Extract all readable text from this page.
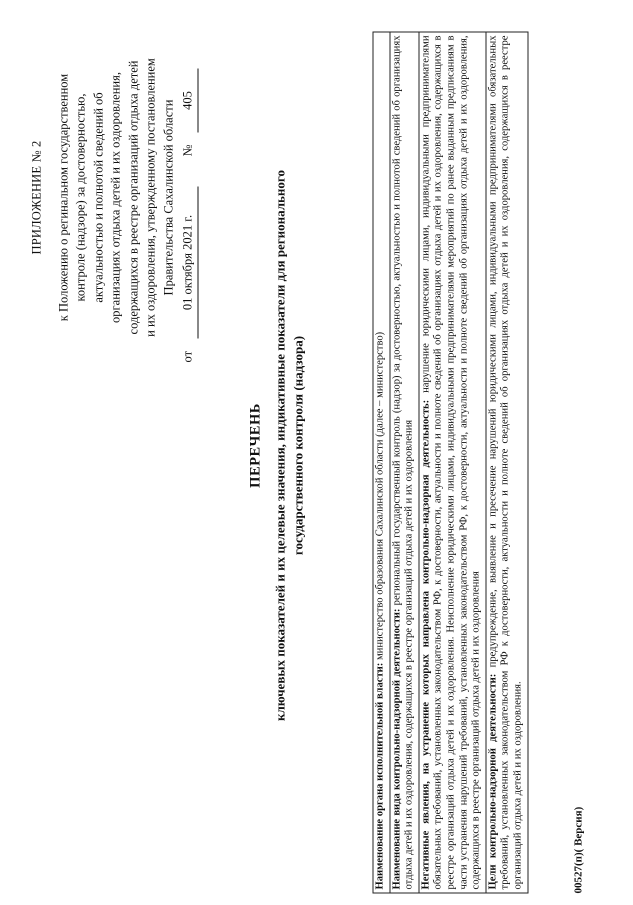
ПРИЛОЖЕНИЕ № 2 к Положению о регинальном государственном контроле (надзоре) за достоверностью, актуальностью и полнотой сведений об организациях отдыха детей и их оздоровления, содержащихся в реестре организаций отдыха детей и их оздоровления, утвержденному постановлением Правительства Сахалинской области
от
01 октября 2021 г.
№
405
ПЕРЕЧЕНЬ ключевых показателей и их целевые значения, индикативные показатели для регионального государственного контроля (надзора)
Наименование органа исполнительной власти: министерство образования Сахалинской области (далее – министерство)
Наименование вида контрольно-надзорной деятельности: региональный государственный контроль (надзор) за достоверностью, актуальностью и полнотой сведений об организациях отдыха детей и их оздоровления, содержащихся в реестре организаций отдыха детей и их оздоровления Негативные явления, на устранение которых направлена контрольно-надзорная деятельность: нарушение юридическими лицами, индивидуальными предпринимателями обязательных требований, установленных законодательством РФ, к достоверности, актуальности и полноте сведений об организациях отдыха детей и их оздоровления, содержащихся в реестре организаций отдыха детей и их оздоровления. Неисполнение юридическими лицами, индивидуальными предпринимателями мероприятий по ранее выданным предписаниям в части устранения нарушений требований, установленных законодательством РФ, к достоверности, актуальности и полноте сведений об организациях отдыха детей и их оздоровления, содержащихся в реестре организаций отдыха детей и их оздоровления Цели контрольно-надзорной деятельности: предупреждение, выявление и пресечение нарушений юридическими лицами, индивидуальными предпринимателями обязательных требований, установленных законодательством РФ к достоверности, актуальности и полноте сведений об организациях отдыха детей и их оздоровления, содержащихся в реестре организаций отдыха детей и их оздоровления.	00527(п)( Версия)
